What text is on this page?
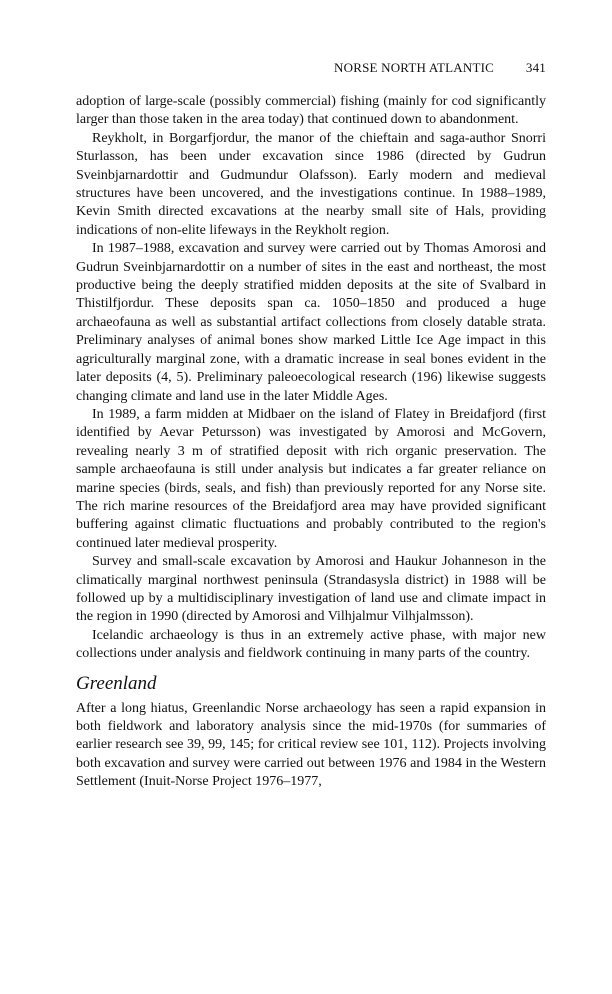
NORSE NORTH ATLANTIC 341

adoption of large-scale (possibly commercial) fishing (mainly for cod significantly larger than those taken in the area today) that continued down to abandonment.

Reykholt, in Borgarfjordur, the manor of the chieftain and saga-author Snorri Sturlasson, has been under excavation since 1986 (directed by Gudrun Sveinbjarnardottir and Gudmundur Olafsson). Early modern and medieval structures have been uncovered, and the investigations continue. In 1988–1989, Kevin Smith directed excavations at the nearby small site of Hals, providing indications of non-elite lifeways in the Reykholt region.

In 1987–1988, excavation and survey were carried out by Thomas Amorosi and Gudrun Sveinbjarnardottir on a number of sites in the east and northeast, the most productive being the deeply stratified midden deposits at the site of Svalbard in Thistilfjordur. These deposits span ca. 1050–1850 and produced a huge archaeofauna as well as substantial artifact collections from closely datable strata. Preliminary analyses of animal bones show marked Little Ice Age impact in this agriculturally marginal zone, with a dramatic increase in seal bones evident in the later deposits (4, 5). Preliminary paleoecological research (196) likewise suggests changing climate and land use in the later Middle Ages.

In 1989, a farm midden at Midbaer on the island of Flatey in Breidafjord (first identified by Aevar Petursson) was investigated by Amorosi and McGovern, revealing nearly 3 m of stratified deposit with rich organic preservation. The sample archaeofauna is still under analysis but indicates a far greater reliance on marine species (birds, seals, and fish) than previously reported for any Norse site. The rich marine resources of the Breidafjord area may have provided significant buffering against climatic fluctuations and probably contributed to the region's continued later medieval prosperity.

Survey and small-scale excavation by Amorosi and Haukur Johanneson in the climatically marginal northwest peninsula (Strandasysla district) in 1988 will be followed up by a multidisciplinary investigation of land use and climate impact in the region in 1990 (directed by Amorosi and Vilhjalmur Vilhjalmsson).

Icelandic archaeology is thus in an extremely active phase, with major new collections under analysis and fieldwork continuing in many parts of the country.

Greenland

After a long hiatus, Greenlandic Norse archaeology has seen a rapid expansion in both fieldwork and laboratory analysis since the mid-1970s (for summaries of earlier research see 39, 99, 145; for critical review see 101, 112). Projects involving both excavation and survey were carried out between 1976 and 1984 in the Western Settlement (Inuit-Norse Project 1976–1977,
